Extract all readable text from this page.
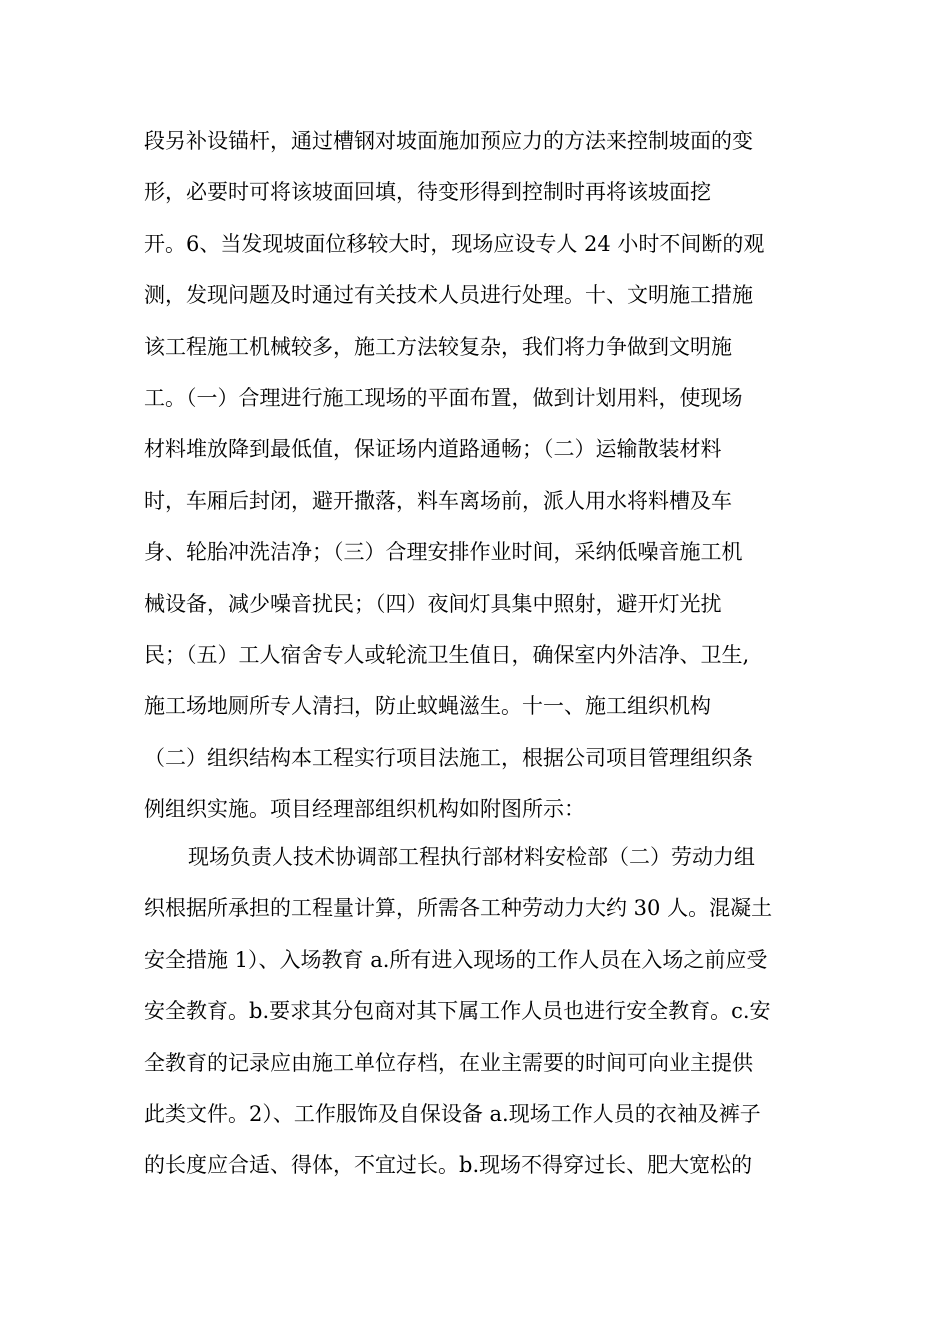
段另补设锚杆，通过槽钢对坡面施加预应力的方法来控制坡面的变
形，必要时可将该坡面回填，待变形得到控制时再将该坡面挖
开。6、当发现坡面位移较大时，现场应设专人 24 小时不间断的观
测，发现问题及时通过有关技术人员进行处理。十、文明施工措施
该工程施工机械较多，施工方法较复杂，我们将力争做到文明施
工。（一）合理进行施工现场的平面布置，做到计划用料，使现场
材料堆放降到最低值，保证场内道路通畅；（二）运输散装材料
时，车厢后封闭，避开撒落，料车离场前，派人用水将料槽及车
身、轮胎冲洗洁净；（三）合理安排作业时间，采纳低噪音施工机
械设备，减少噪音扰民；（四）夜间灯具集中照射，避开灯光扰
民；（五）工人宿舍专人或轮流卫生值日，确保室内外洁净、卫生,
施工场地厕所专人清扫，防止蚊蝇滋生。十一、施工组织机构
（二）组织结构本工程实行项目法施工，根据公司项目管理组织条
例组织实施。项目经理部组织机构如附图所示：
现场负责人技术协调部工程执行部材料安检部（二）劳动力组
织根据所承担的工程量计算，所需各工种劳动力大约 30 人。混凝土
安全措施 1）、入场教育 a.所有进入现场的工作人员在入场之前应受
安全教育。b.要求其分包商对其下属工作人员也进行安全教育。c.安
全教育的记录应由施工单位存档，在业主需要的时间可向业主提供
此类文件。2）、工作服饰及自保设备 a.现场工作人员的衣袖及裤子
的长度应合适、得体，不宜过长。b.现场不得穿过长、肥大宽松的
